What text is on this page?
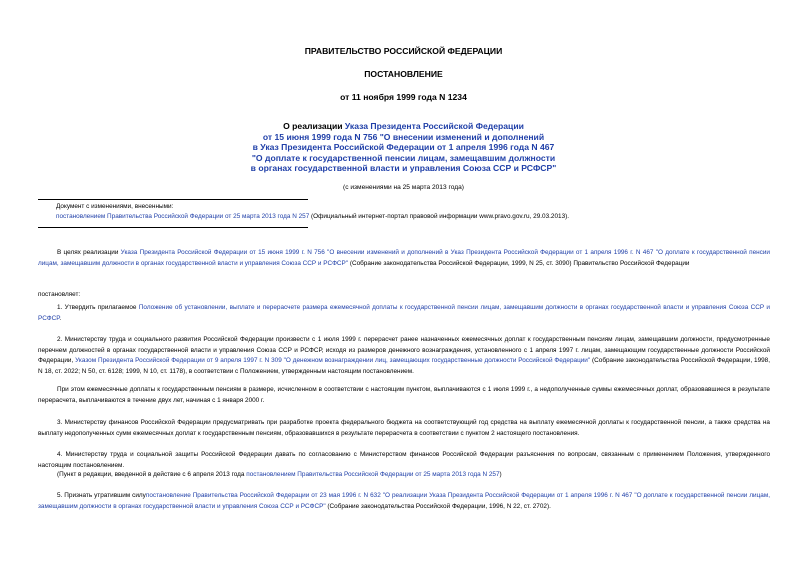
ПРАВИТЕЛЬСТВО РОССИЙСКОЙ ФЕДЕРАЦИИ
ПОСТАНОВЛЕНИЕ
от 11 ноября 1999 года N 1234
О реализации Указа Президента Российской Федерации
от 15 июня 1999 года N 756 "О внесении изменений и дополнений
в Указ Президента Российской Федерации от 1 апреля 1996 года N 467
"О доплате к государственной пенсии лицам, замещавшим должности
в органах государственной власти и управления Союза ССР и РСФСР"
(с изменениями на 25 марта 2013 года)
Документ с изменениями, внесенными:
постановлением Правительства Российской Федерации от 25 марта 2013 года N 257 (Официальный интернет-портал правовой информации www.pravo.gov.ru, 29.03.2013).
В целях реализации Указа Президента Российской Федерации от 15 июня 1999 г. N 756 "О внесении изменений и дополнений в Указ Президента Российской Федерации от 1 апреля 1996 г. N 467 "О доплате к государственной пенсии лицам, замещавшим должности в органах государственной власти и управления Союза ССР и РСФСР" (Собрание законодательства Российской Федерации, 1999, N 25, ст. 3090) Правительство Российской Федерации
постановляет:
1. Утвердить прилагаемое Положение об установлении, выплате и перерасчете размера ежемесячной доплаты к государственной пенсии лицам, замещавшим должности в органах государственной власти и управления Союза ССР и РСФСР.
2. Министерству труда и социального развития Российской Федерации произвести с 1 июля 1999 г. перерасчет ранее назначенных ежемесячных доплат к государственным пенсиям лицам, замещавшим должности, предусмотренные перечнем должностей в органах государственной власти и управления Союза ССР и РСФСР, исходя из размеров денежного вознаграждения, установленного с 1 апреля 1997 г. лицам, замещающим государственные должности Российской Федерации, Указом Президента Российской Федерации от 9 апреля 1997 г. N 309 "О денежном вознаграждении лиц, замещающих государственные должности Российской Федерации" (Собрание законодательства Российской Федерации, 1998, N 18, ст. 2022; N 50, ст. 6128; 1999, N 10, ст. 1178), в соответствии с Положением, утвержденным настоящим постановлением.
При этом ежемесячные доплаты к государственным пенсиям в размере, исчисленном в соответствии с настоящим пунктом, выплачиваются с 1 июля 1999 г., а недополученные суммы ежемесячных доплат, образовавшиеся в результате перерасчета, выплачиваются в течение двух лет, начиная с 1 января 2000 г.
3. Министерству финансов Российской Федерации предусматривать при разработке проекта федерального бюджета на соответствующий год средства на выплату ежемесячной доплаты к государственной пенсии, а также средства на выплату недополученных сумм ежемесячных доплат к государственным пенсиям, образовавшихся в результате перерасчета в соответствии с пунктом 2 настоящего постановления.
4. Министерству труда и социальной защиты Российской Федерации давать по согласованию с Министерством финансов Российской Федерации разъяснения по вопросам, связанным с применением Положения, утвержденного настоящим постановлением.
(Пункт в редакции, введенной в действие с 6 апреля 2013 года постановлением Правительства Российской Федерации от 25 марта 2013 года N 257)
5. Признать утратившим силупостановление Правительства Российской Федерации от 23 мая 1996 г. N 632 "О реализации Указа Президента Российской Федерации от 1 апреля 1996 г. N 467 "О доплате к государственной пенсии лицам, замещавшим должности в органах государственной власти и управления Союза ССР и РСФСР" (Собрание законодательства Российской Федерации, 1996, N 22, ст. 2702).
